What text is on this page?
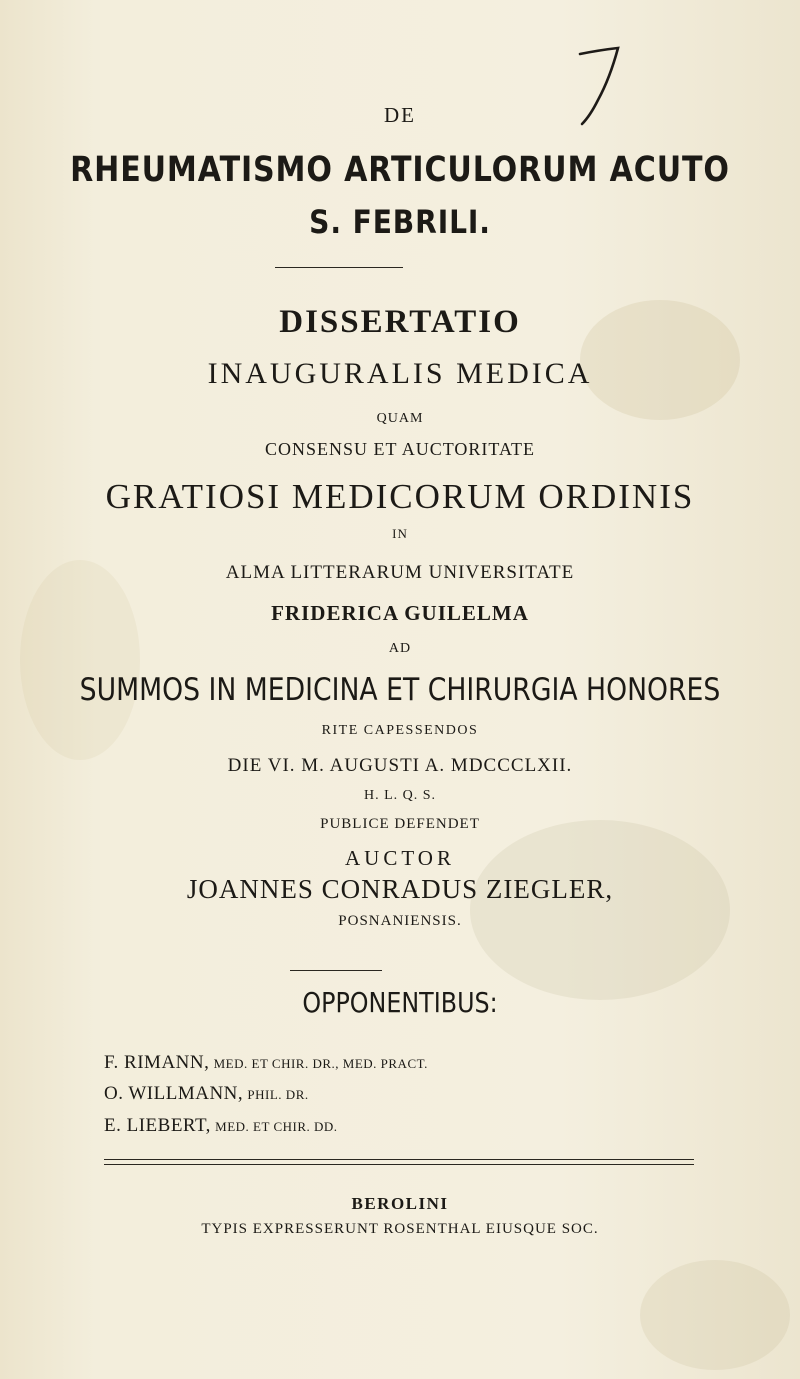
DE
RHEUMATISMO ARTICULORUM ACUTO
S. FEBRILI.
DISSERTATIO
INAUGURALIS MEDICA
QUAM
CONSENSU ET AUCTORITATE
GRATIOSI MEDICORUM ORDINIS
IN
ALMA LITTERARUM UNIVERSITATE
FRIDERICA GUILELMA
AD
SUMMOS IN MEDICINA ET CHIRURGIA HONORES
RITE CAPESSENDOS
DIE VI. M. AUGUSTI A. MDCCCLXII.
H. L. Q. S.
PUBLICE DEFENDET
AUCTOR
JOANNES CONRADUS ZIEGLER,
POSNANIENSIS.
OPPONENTIBUS:
F. RIMANN, MED. ET CHIR. DR., MED. PRACT.
O. WILLMANN, PHIL. DR.
E. LIEBERT, MED. ET CHIR. DD.
BEROLINI
TYPIS EXPRESSERUNT ROSENTHAL EIUSQUE SOC.
